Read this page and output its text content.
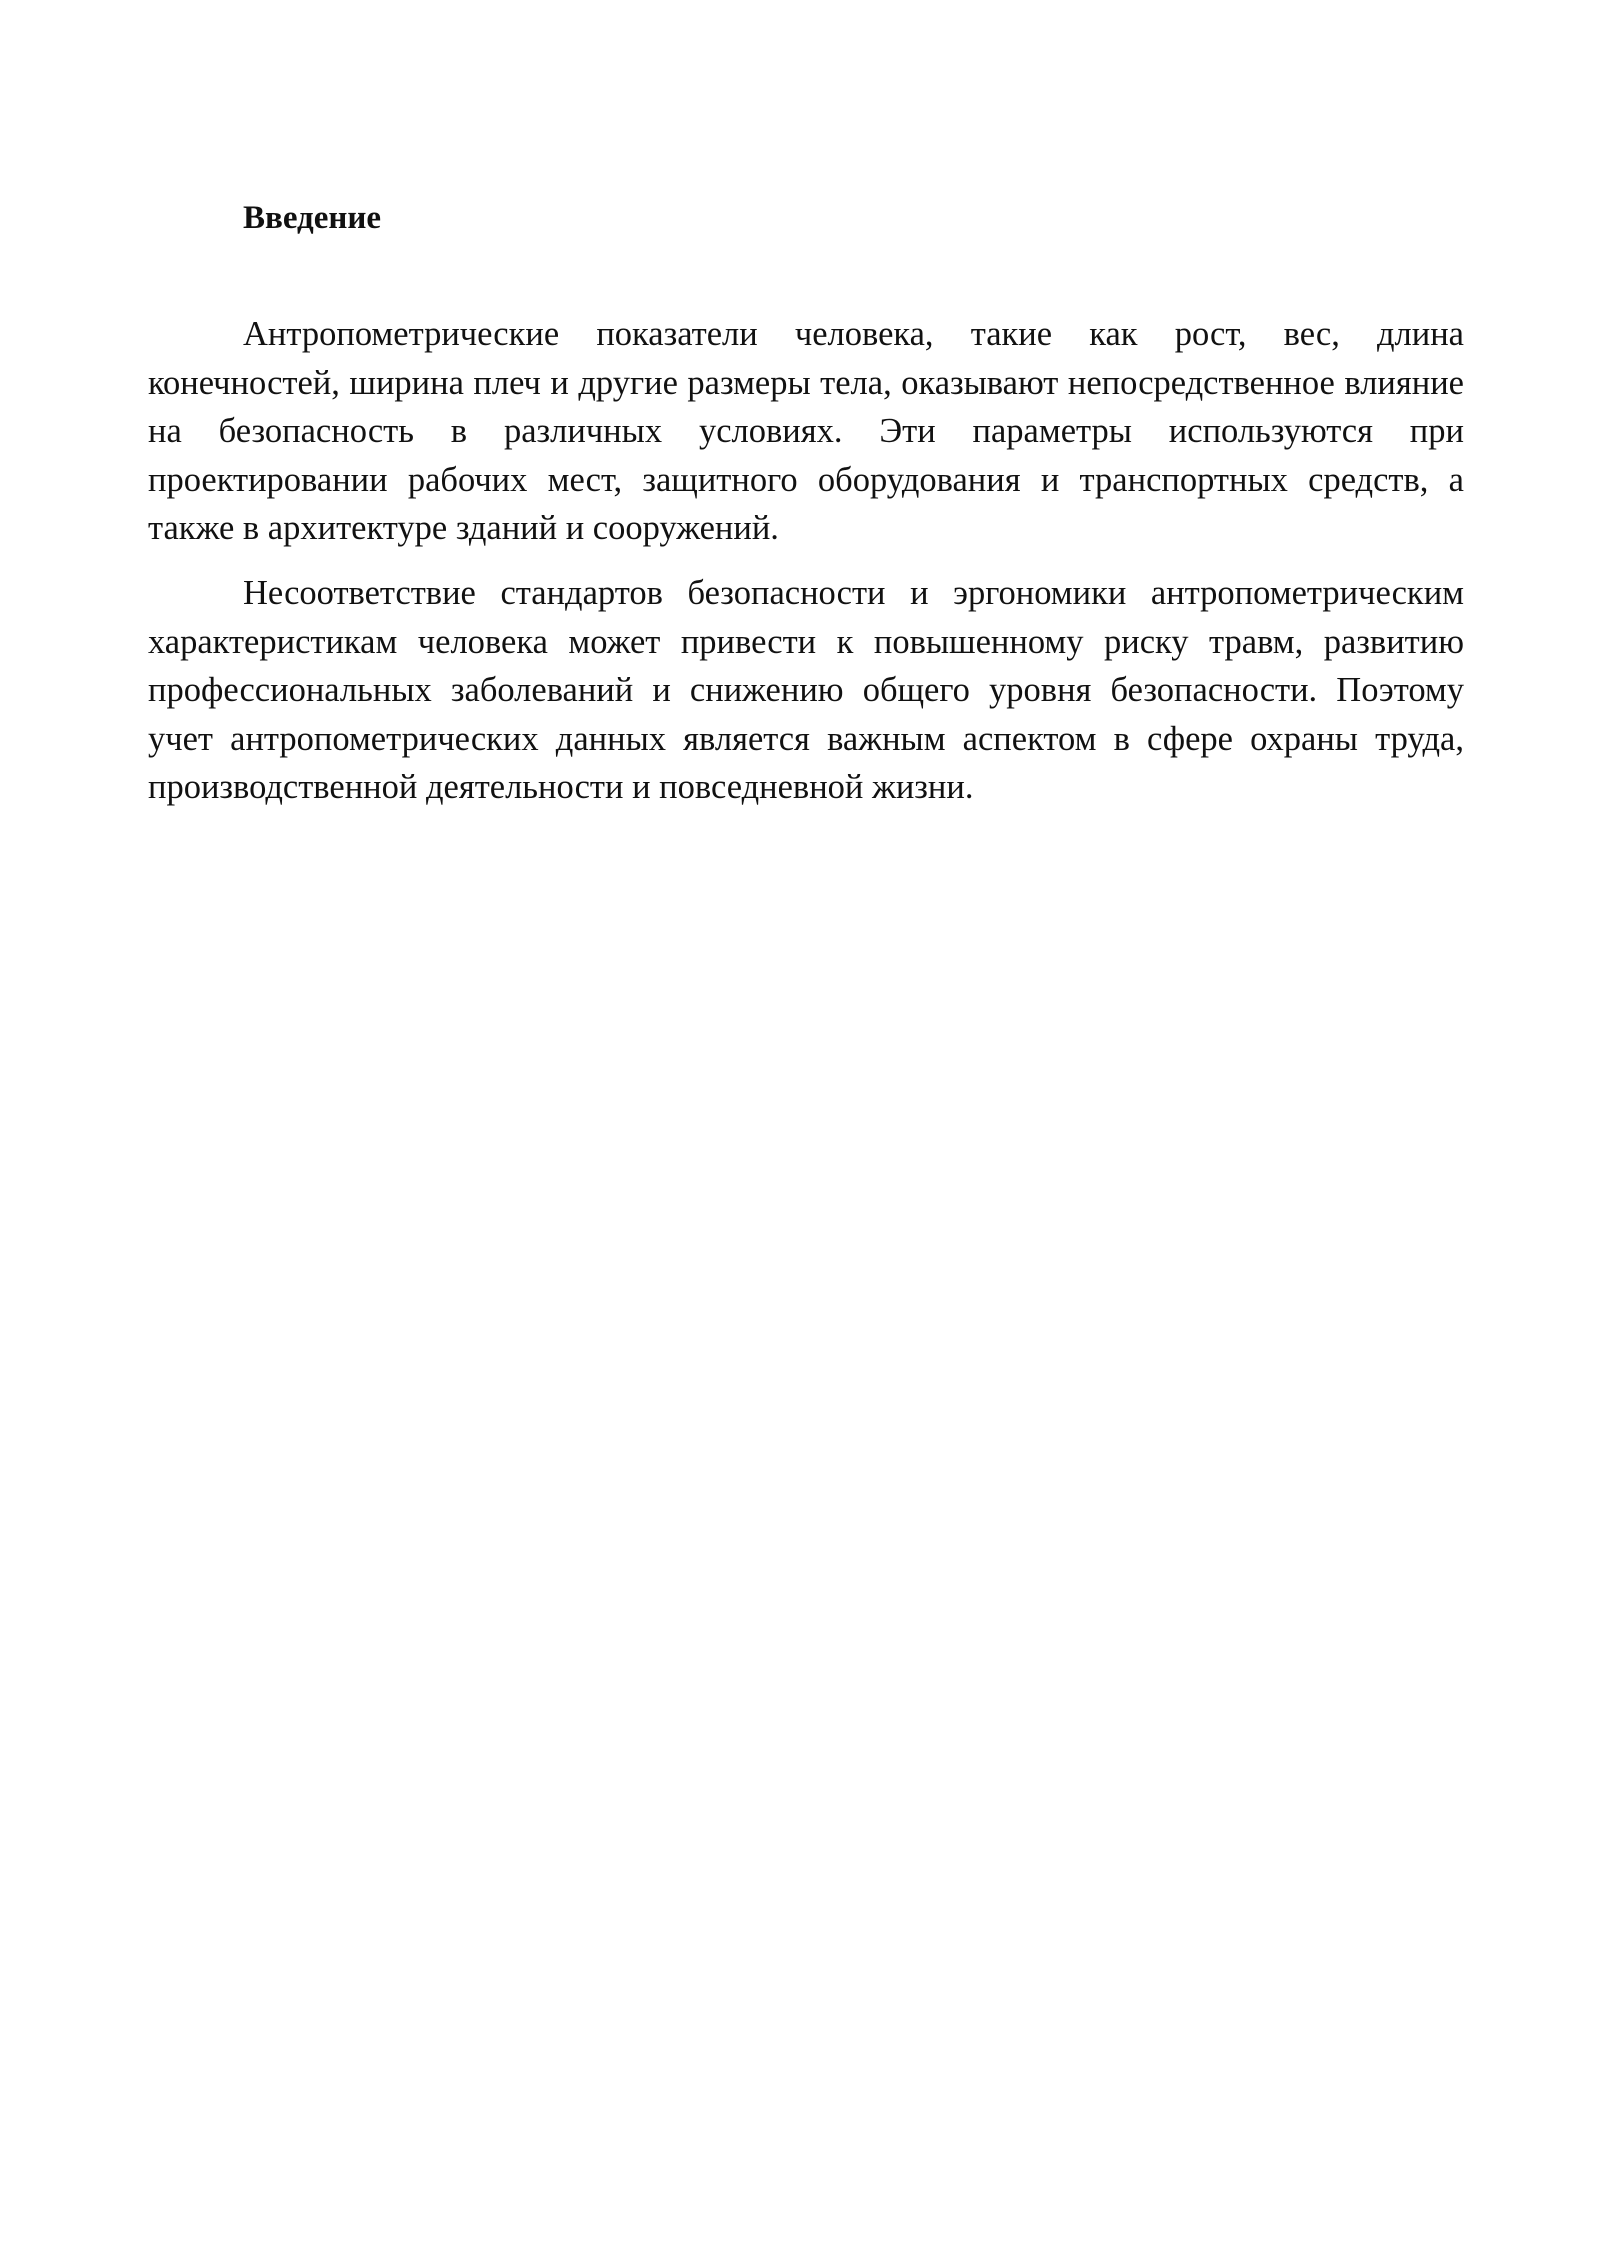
Введение

Антропометрические показатели человека, такие как рост, вес, длина конечностей, ширина плеч и другие размеры тела, оказывают непосредственное влияние на безопасность в различных условиях. Эти параметры используются при проектировании рабочих мест, защитного оборудования и транспортных средств, а также в архитектуре зданий и сооружений.

Несоответствие стандартов безопасности и эргономики антропометрическим характеристикам человека может привести к повышенному риску травм, развитию профессиональных заболеваний и снижению общего уровня безопасности. Поэтому учет антропометрических данных является важным аспектом в сфере охраны труда, производственной деятельности и повседневной жизни.
